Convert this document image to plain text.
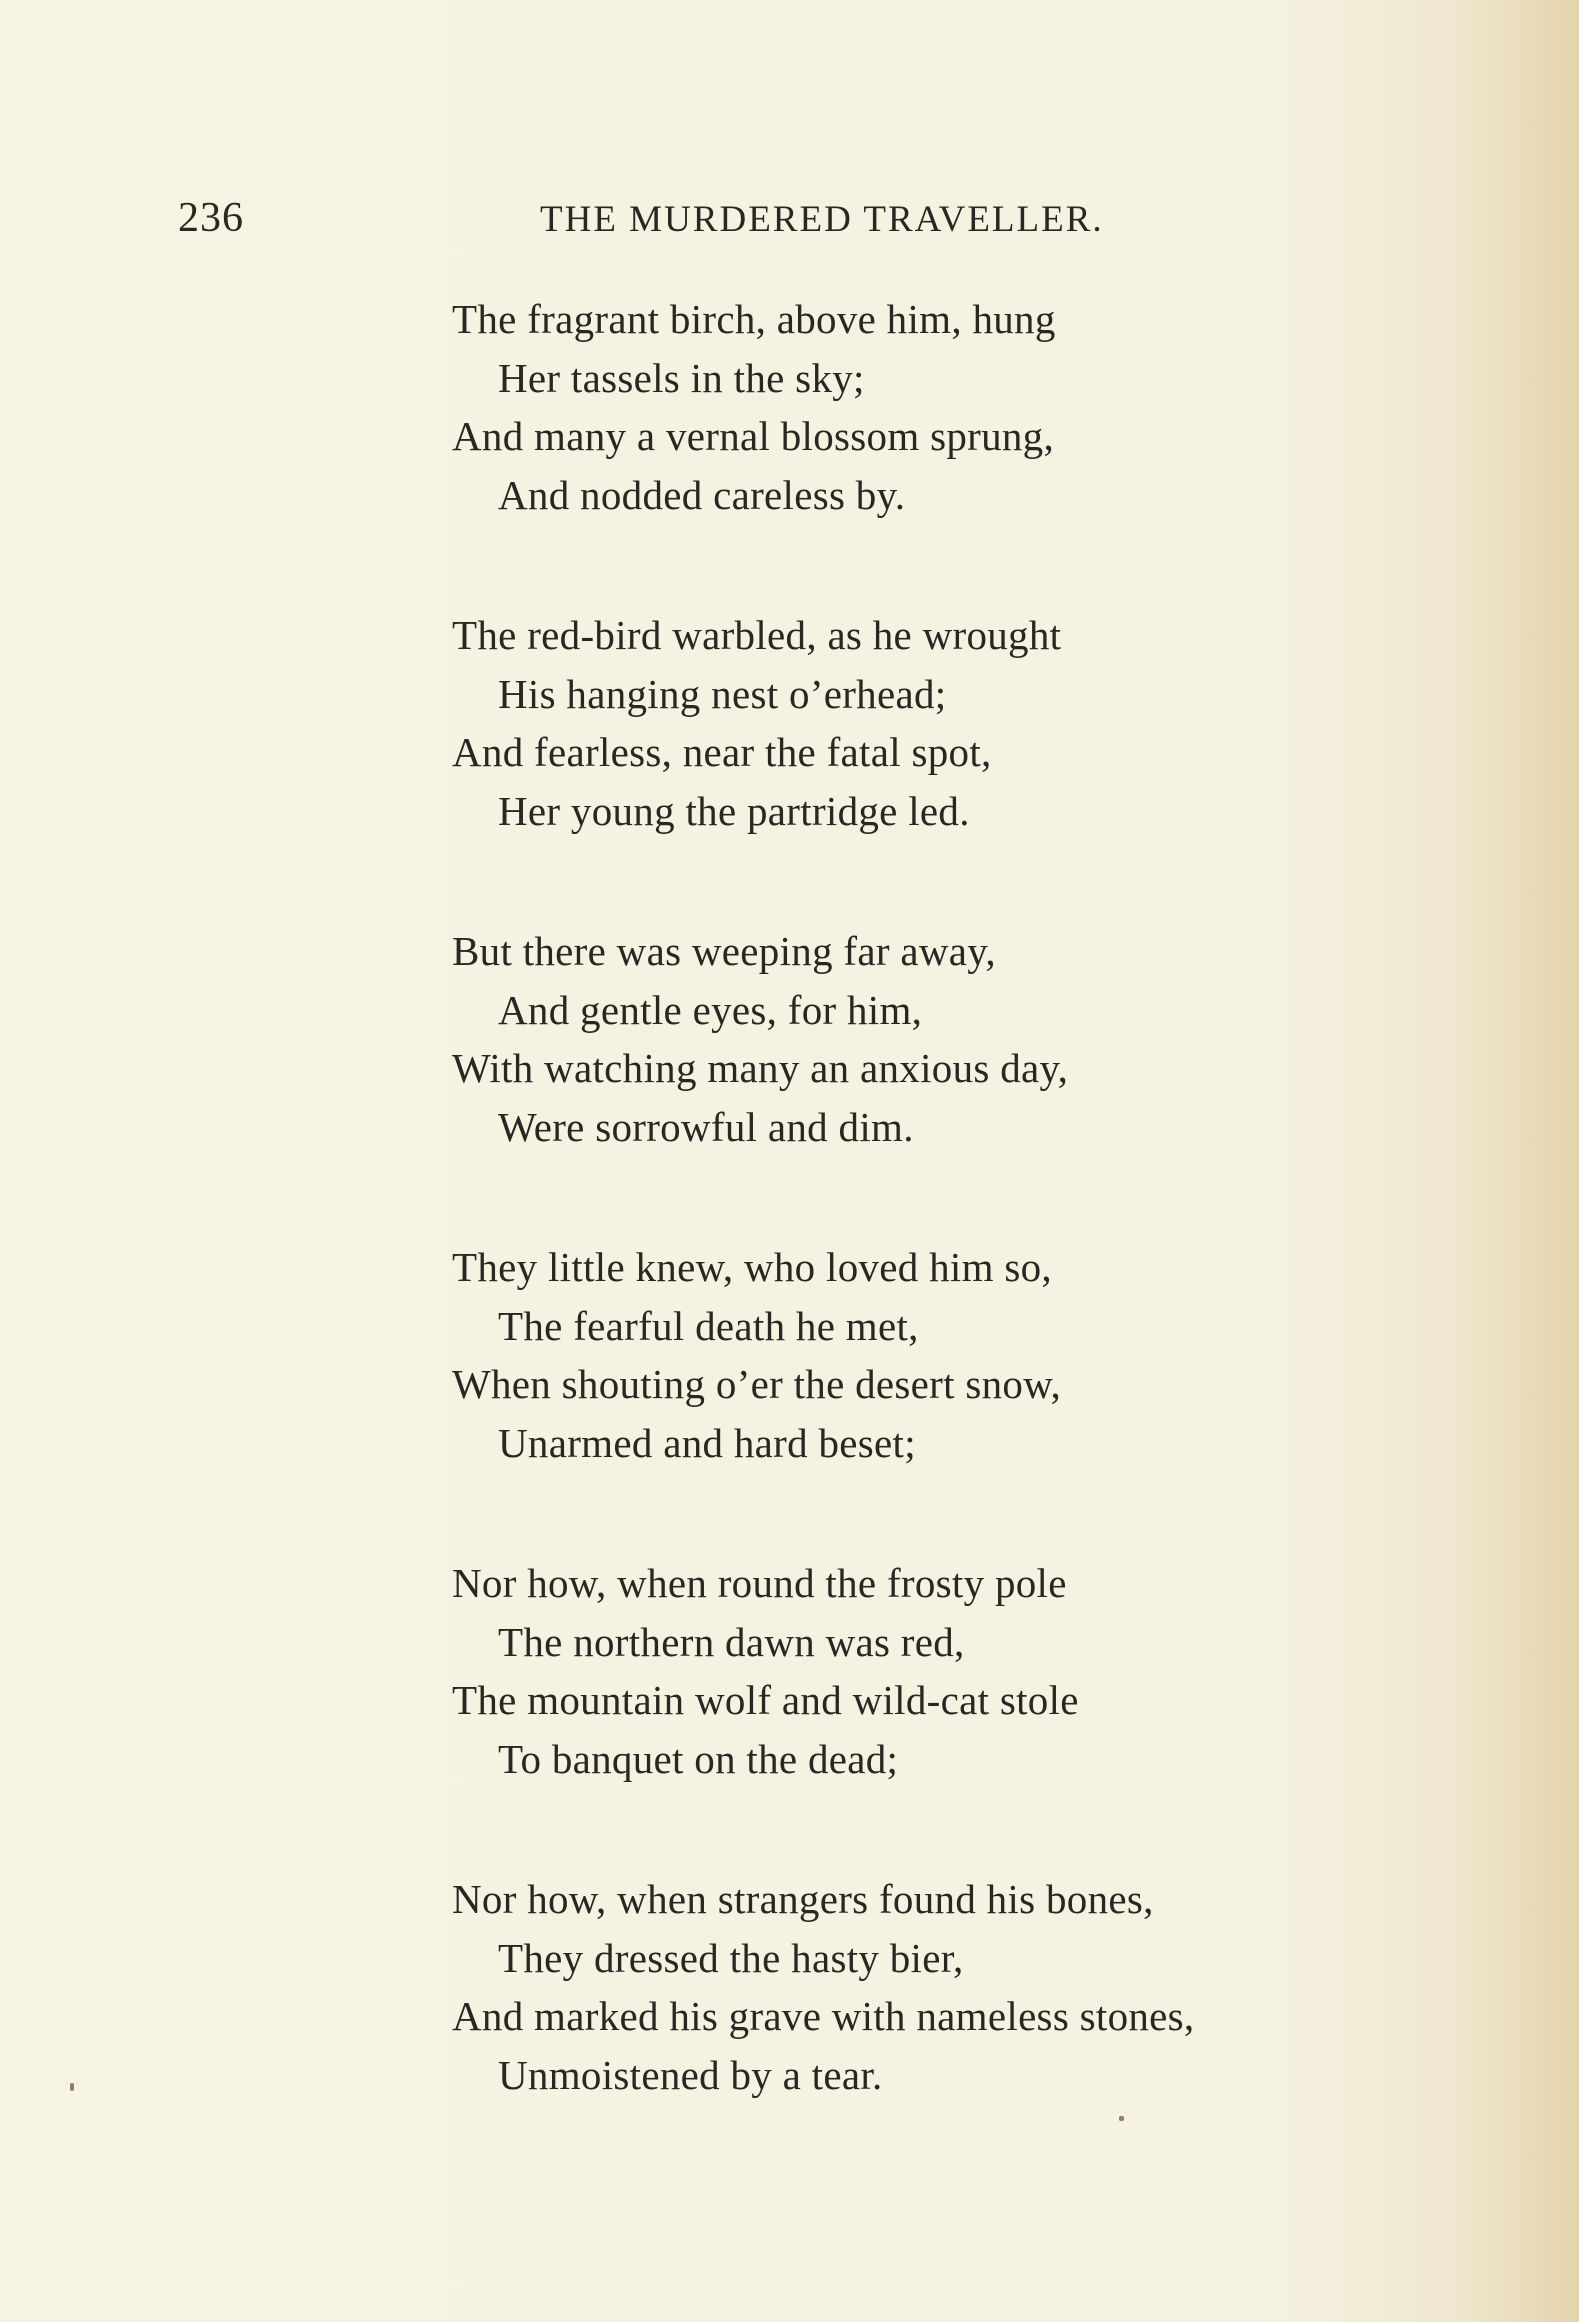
236	THE MURDERED TRAVELLER.
The fragrant birch, above him, hung
Her tassels in the sky;
And many a vernal blossom sprung,
And nodded careless by.
The red-bird warbled, as he wrought
His hanging nest o’erhead;
And fearless, near the fatal spot,
Her young the partridge led.
But there was weeping far away,
And gentle eyes, for him,
With watching many an anxious day,
Were sorrowful and dim.
They little knew, who loved him so,
The fearful death he met,
When shouting o’er the desert snow,
Unarmed and hard beset;
Nor how, when round the frosty pole
The northern dawn was red,
The mountain wolf and wild-cat stole
To banquet on the dead;
Nor how, when strangers found his bones,
They dressed the hasty bier,
And marked his grave with nameless stones,
Unmoistened by a tear.
